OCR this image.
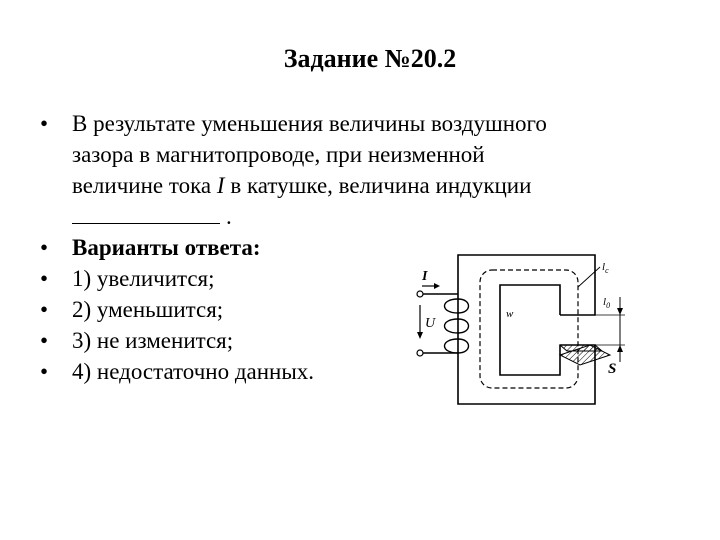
Задание №20.2
• В результате уменьшения величины воздушного
зазора в магнитопроводе, при неизменной
величине тока I в катушке, величина индукции
.
• Варианты ответа:
• 1) увеличится;
• 2) уменьшится;
• 3) не изменится;
• 4) недостаточно данных.
I
U
w
$l_c$
$l_0$
S
